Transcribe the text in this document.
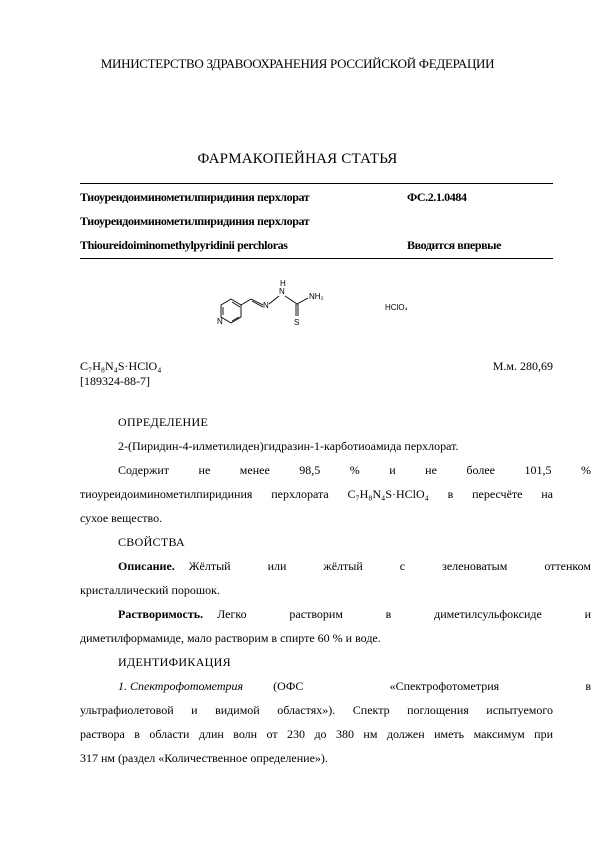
МИНИСТЕРСТВО ЗДРАВООХРАНЕНИЯ РОССИЙСКОЙ ФЕДЕРАЦИИ
ФАРМАКОПЕЙНАЯ СТАТЬЯ
Тиоуреидоиминометилпиридиния перхлорат	ФС.2.1.0484
Тиоуреидоиминометилпиридиния перхлорат
Thioureidoiminomethylpyridinii perchloras	Вводится впервые
N
N
N
H
NH₂
S
HClO₄
C₇H₈N₄S·HClO₄
[189324-88-7]
М.м. 280,69
ОПРЕДЕЛЕНИЕ
2-(Пиридин-4-илметилиден)гидразин-1-карботиоамида перхлорат.
Содержит не менее 98,5 % и не более 101,5 %
тиоуреидоиминометилпиридиния перхлората C₇H₈N₄S·HClO₄ в пересчёте на
сухое вещество.
СВОЙСТВА
Описание. Жёлтый или жёлтый с зеленоватым оттенком
кристаллический порошок.
Растворимость. Легко растворим в диметилсульфоксиде и
диметилформамиде, мало растворим в спирте 60 % и воде.
ИДЕНТИФИКАЦИЯ
1. Спектрофотометрия	(ОФС «Спектрофотометрия в
ультрафиолетовой и видимой областях»). Спектр поглощения испытуемого
раствора в области длин волн от 230 до 380 нм должен иметь максимум при
317 нм (раздел «Количественное определение»).
